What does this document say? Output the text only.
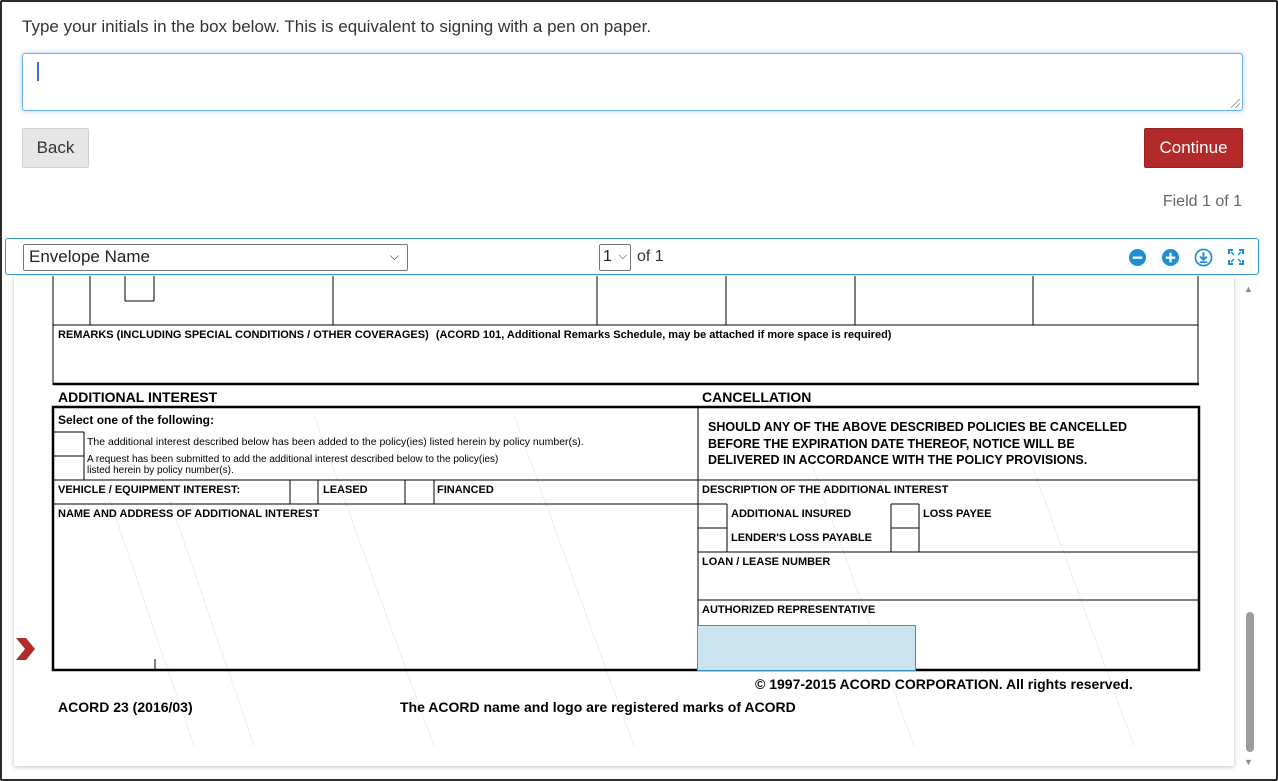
Type your initials in the box below. This is equivalent to signing with a pen on paper.
Back	Continue
Field 1 of 1
Envelope Name	⌵	1 ⌵ of 1
REMARKS (INCLUDING SPECIAL CONDITIONS / OTHER COVERAGES) (ACORD 101, Additional Remarks Schedule, may be attached if more space is required)
ADDITIONAL INTEREST	CANCELLATION
Select one of the following:
The additional interest described below has been added to the policy(ies) listed herein by policy number(s).
A request has been submitted to add the additional interest described below to the policy(ies)
listed herein by policy number(s).
SHOULD ANY OF THE ABOVE DESCRIBED POLICIES BE CANCELLED
BEFORE THE EXPIRATION DATE THEREOF, NOTICE WILL BE
DELIVERED IN ACCORDANCE WITH THE POLICY PROVISIONS.
VEHICLE / EQUIPMENT INTEREST:	LEASED	FINANCED	DESCRIPTION OF THE ADDITIONAL INTEREST
NAME AND ADDRESS OF ADDITIONAL INTEREST	ADDITIONAL INSURED	LOSS PAYEE
LENDER'S LOSS PAYABLE
LOAN / LEASE NUMBER
AUTHORIZED REPRESENTATIVE
© 1997-2015 ACORD CORPORATION. All rights reserved.
ACORD 23 (2016/03)	The ACORD name and logo are registered marks of ACORD
▲
▼
